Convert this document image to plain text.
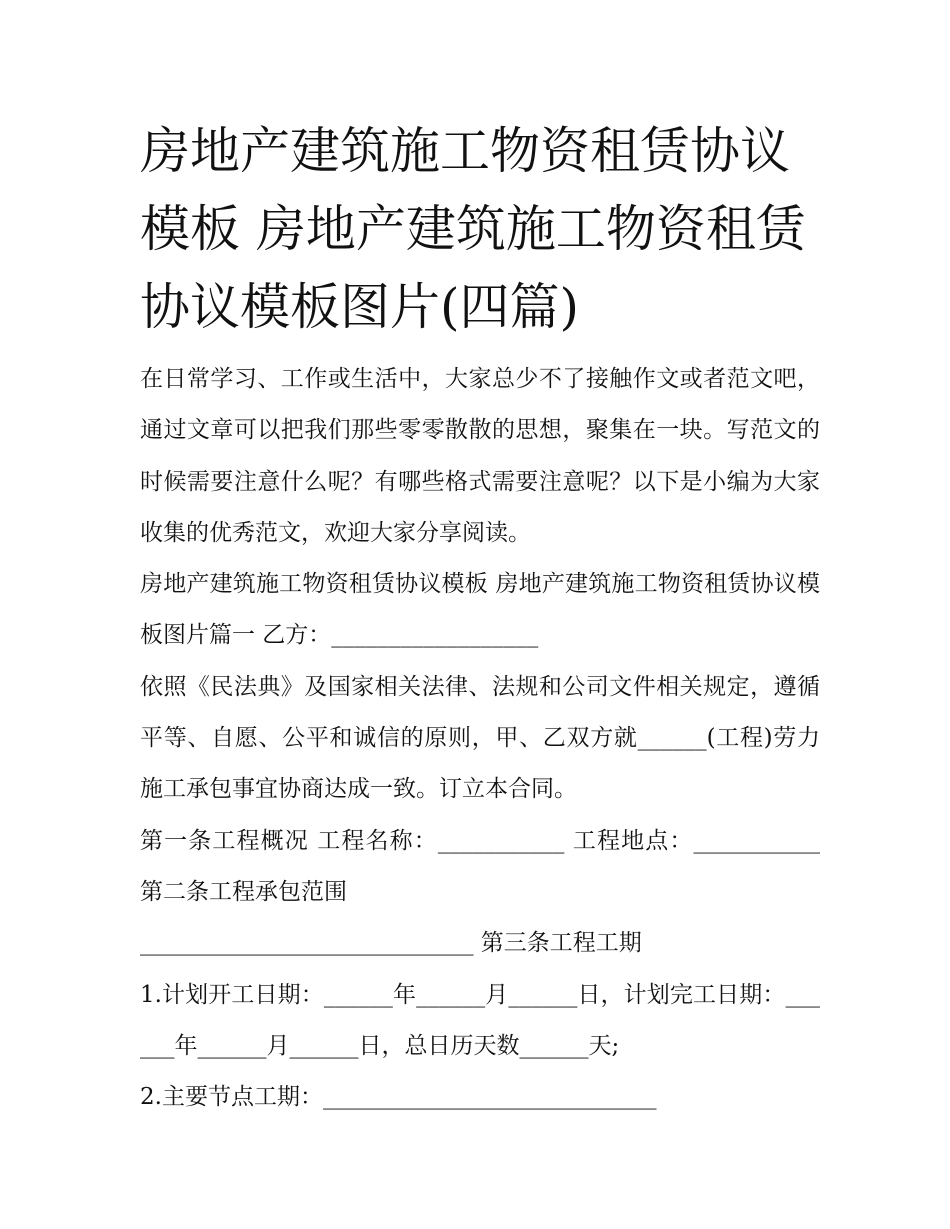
房地产建筑施工物资租赁协议模板 房地产建筑施工物资租赁协议模板图片(四篇)

在日常学习、工作或生活中，大家总少不了接触作文或者范文吧，通过文章可以把我们那些零零散散的思想，聚集在一块。写范文的时候需要注意什么呢？有哪些格式需要注意呢？以下是小编为大家收集的优秀范文，欢迎大家分享阅读。

房地产建筑施工物资租赁协议模板 房地产建筑施工物资租赁协议模板图片篇一 乙方：__________________

依照《民法典》及国家相关法律、法规和公司文件相关规定，遵循平等、自愿、公平和诚信的原则，甲、乙双方就______(工程)劳力施工承包事宜协商达成一致。订立本合同。

第一条工程概况 工程名称：___________ 工程地点：___________ 第二条工程承包范围

_____________________________ 第三条工程工期

1.计划开工日期：______年______月______日，计划完工日期：______年______月______日，总日历天数______天;

2.主要节点工期：_____________________________
